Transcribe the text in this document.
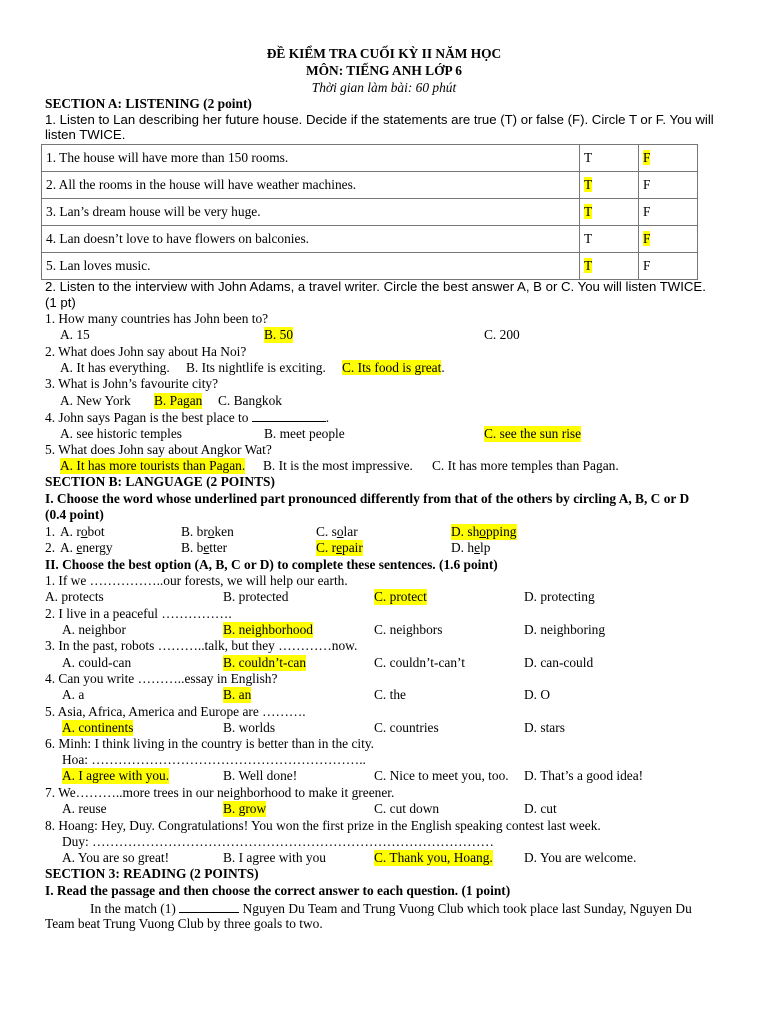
ĐỀ KIỂM TRA CUỐI KỲ II NĂM HỌC
MÔN: TIẾNG ANH LỚP 6
Thời gian làm bài: 60 phút
SECTION A: LISTENING (2 point)
1. Listen to Lan describing her future house. Decide if the statements are true (T) or false (F). Circle T or F. You will
listen TWICE.
1. The house will have more than 150 rooms.	T	F
2. All the rooms in the house will have weather machines.	T	F
3. Lan’s dream house will be very huge.	T	F
4. Lan doesn’t love to have flowers on balconies.	T	F
5. Lan loves music.	T	F
2. Listen to the interview with John Adams, a travel writer. Circle the best answer A, B or C. You will listen TWICE.
(1 pt)
1. How many countries has John been to?
A. 15	B. 50	C. 200
2. What does John say about Ha Noi?
A. It has everything. B. Its nightlife is exciting. C. Its food is great.
3. What is John’s favourite city?
A. New York B. Pagan C. Bangkok
4. John says Pagan is the best place to	.
A. see historic temples	B. meet people	C. see the sun rise
5. What does John say about Angkor Wat?
A. It has more tourists than Pagan. B. It is the most impressive. C. It has more temples than Pagan.
SECTION B: LANGUAGE (2 POINTS)
I. Choose the word whose underlined part pronounced differently from that of the others by circling A, B, C or D
(0.4 point)
1. A. robot	B. broken	C. solar	D. shopping
2. A. energy	B. better	C. repair	D. help
II. Choose the best option (A, B, C or D) to complete these sentences. (1.6 point)
1. If we ……………..our forests, we will help our earth.
A. protects	B. protected	C. protect	D. protecting
2. I live in a peaceful …………….
A. neighbor	B. neighborhood	C. neighbors	D. neighboring
3. In the past, robots ………..talk, but they …………now.
A. could-can	B. couldn’t-can	C. couldn’t-can’t	D. can-could
4. Can you write ………..essay in English?
A. a	B. an	C. the	D. O
5. Asia, Africa, America and Europe are ……….
A. continents	B. worlds	C. countries	D. stars
6. Minh: I think living in the country is better than in the city.
Hoa: ……………………………………………………..
A. I agree with you.	B. Well done!	C. Nice to meet you, too. D. That’s a good idea!
7. We………..more trees in our neighborhood to make it greener.
A. reuse	B. grow	C. cut down	D. cut
8. Hoang: Hey, Duy. Congratulations! You won the first prize in the English speaking contest last week.
Duy: ………………………………………………………………………………
A. You are so great!	B. I agree with you	C. Thank you, Hoang. D. You are welcome.
SECTION 3: READING (2 POINTS)
I. Read the passage and then choose the correct answer to each question. (1 point)
In the match (1)	Nguyen Du Team and Trung Vuong Club which took place last Sunday, Nguyen Du
Team beat Trung Vuong Club by three goals to two.
